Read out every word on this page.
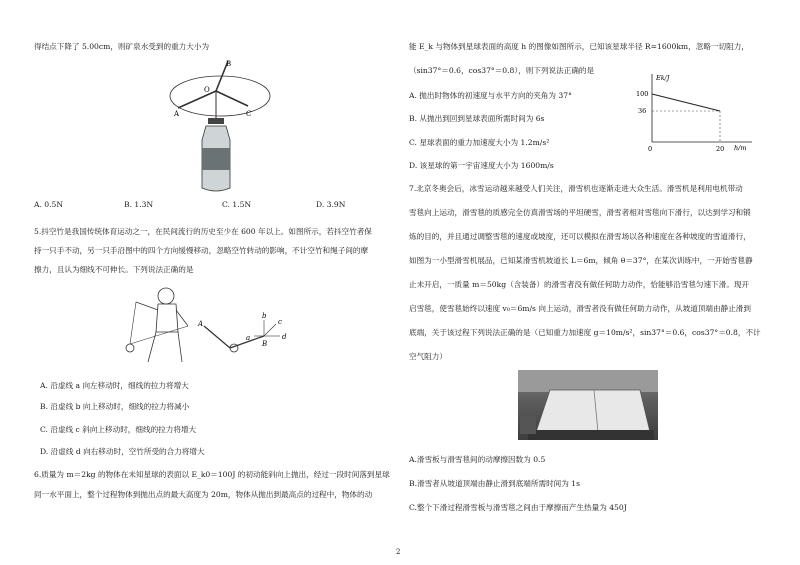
得结点下降了 5.00cm，则矿泉水受到的重力大小为
B
O
A	C
A. 0.5N	B. 1.3N	C. 1.5N	D. 3.9N
5.抖空竹是我国传统体育运动之一，在民间流行的历史至少在 600 年以上。如图所示，若抖空竹者保
持一只手不动，另一只手沿图中的四个方向缓慢移动，忽略空竹转动的影响，不计空竹和绳子间的摩
擦力，且认为细线不可伸长。下列说法正确的是
A
a
b
c
d
B
A. 沿虚线 a 向左移动时，细线的拉力将增大
B. 沿虚线 b 向上移动时，细线的拉力将减小
C. 沿虚线 c 斜向上移动时，细线的拉力将增大
D. 沿虚线 d 向右移动时，空竹所受的合力将增大
6.质量为 m＝2kg 的物体在未知星球的表面以 E_k0＝100J 的初动能斜向上抛出，经过一段时间落到星球
同一水平面上，整个过程物体到抛出点的最大高度为 20m，物体从抛出到最高点的过程中，物体的动
能 E_k 与物体到星球表面的高度 h 的图像如图所示，已知该星球半径 R=1600km，忽略一切阻力，
（sin37°＝0.6，cos37°＝0.8），则下列说法正确的是
A. 抛出时物体的初速度与水平方向的夹角为 37°
B. 从抛出到回到星球表面所需时间为 6s
C. 星球表面的重力加速度大小为 1.2m/s²
D. 该星球的第一宇宙速度大小为 1600m/s
Ek/J
h/m
100
36
0	20
7.北京冬奥会后，冰雪运动越来越受人们关注，滑雪机也逐渐走进大众生活。滑雪机是利用电机带动
雪毯向上运动，滑雪毯的质感完全仿真滑雪场的平坦硬雪，滑雪者相对雪毯向下滑行，以达到学习和锻
炼的目的，并且通过调整雪毯的速度或坡度，还可以模拟在滑雪场以各种速度在各种坡度的雪道滑行，
如图为一小型滑雪机展品，已知某滑雪机坡道长 L＝6m，倾角 θ＝37°，在某次训练中，一开始雪毯静
止未开启，一质量 m＝50kg（含装备）的滑雪者没有做任何助力动作，恰能够沿雪毯匀速下滑。现开
启雪毯，使雪毯始终以速度 v₀＝6m/s 向上运动，滑雪者没有做任何助力动作，从坡道顶端由静止滑到
底端，关于该过程下列说法正确的是（已知重力加速度 g＝10m/s²，sin37°＝0.6，cos37°＝0.8，不计
空气阻力）
A.滑雪板与滑雪毯间的动摩擦因数为 0.5
B.滑雪者从坡道顶端由静止滑到底端所需时间为 1s
C.整个下滑过程滑雪板与滑雪毯之间由于摩擦而产生热量为 450J
2
